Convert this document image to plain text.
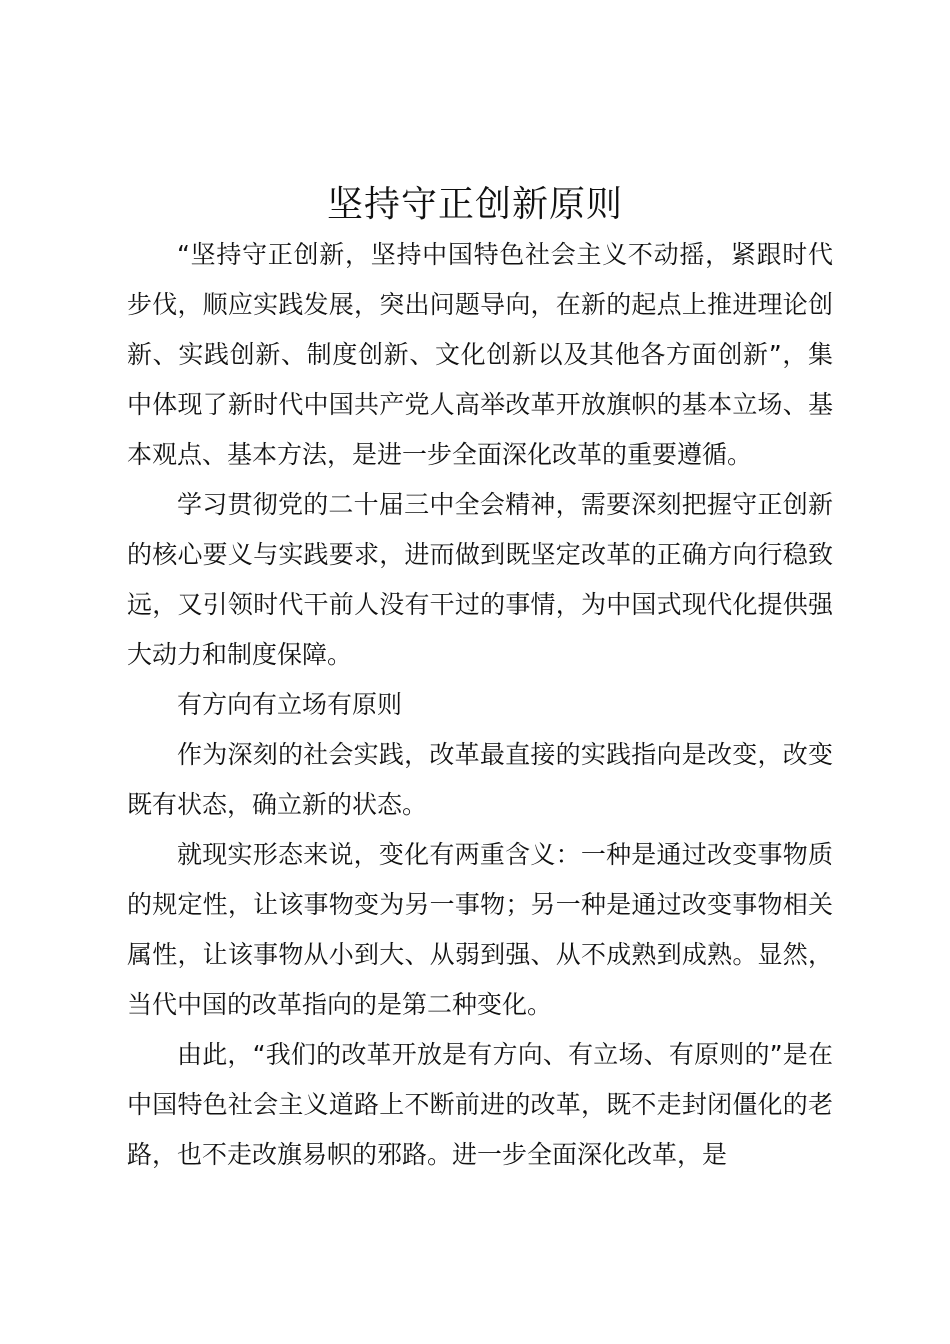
坚持守正创新原则

“坚持守正创新，坚持中国特色社会主义不动摇，紧跟时代步伐，顺应实践发展，突出问题导向，在新的起点上推进理论创新、实践创新、制度创新、文化创新以及其他各方面创新”，集中体现了新时代中国共产党人高举改革开放旗帜的基本立场、基本观点、基本方法，是进一步全面深化改革的重要遵循。

学习贯彻党的二十届三中全会精神，需要深刻把握守正创新的核心要义与实践要求，进而做到既坚定改革的正确方向行稳致远，又引领时代干前人没有干过的事情，为中国式现代化提供强大动力和制度保障。

有方向有立场有原则

作为深刻的社会实践，改革最直接的实践指向是改变，改变既有状态，确立新的状态。

就现实形态来说，变化有两重含义：一种是通过改变事物质的规定性，让该事物变为另一事物；另一种是通过改变事物相关属性，让该事物从小到大、从弱到强、从不成熟到成熟。显然，当代中国的改革指向的是第二种变化。

由此，“我们的改革开放是有方向、有立场、有原则的”是在中国特色社会主义道路上不断前进的改革，既不走封闭僵化的老路，也不走改旗易帜的邪路。进一步全面深化改革，是
